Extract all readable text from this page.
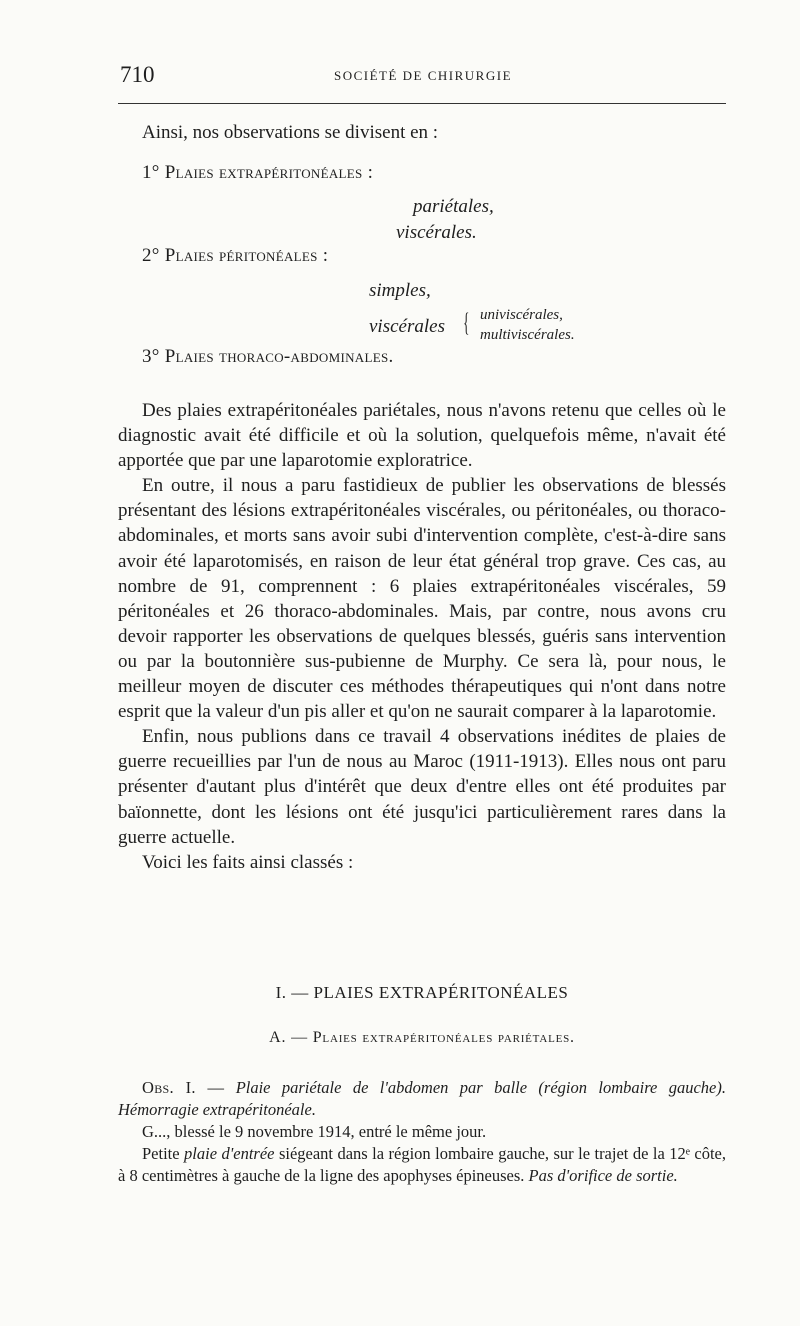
710	SOCIÉTÉ DE CHIRURGIE
Ainsi, nos observations se divisent en :
1° Plaies extrapéritonéales :
pariétales,
viscérales.
2° Plaies péritonéales :
simples,
viscérales { univiscérales,
multiviscérales.
3° Plaies thoraco-abdominales.

Des plaies extrapéritonéales pariétales, nous n'avons retenu que celles où le diagnostic avait été difficile et où la solution, quelquefois même, n'avait été apportée que par une laparotomie exploratrice.

En outre, il nous a paru fastidieux de publier les observations de blessés présentant des lésions extrapéritonéales viscérales, ou péritonéales, ou thoraco-abdominales, et morts sans avoir subi d'intervention complète, c'est-à-dire sans avoir été laparotomisés, en raison de leur état général trop grave. Ces cas, au nombre de 91, comprennent : 6 plaies extrapéritonéales viscérales, 59 péritonéales et 26 thoraco-abdominales. Mais, par contre, nous avons cru devoir rapporter les observations de quelques blessés, guéris sans intervention ou par la boutonnière sus-pubienne de Murphy. Ce sera là, pour nous, le meilleur moyen de discuter ces méthodes thérapeutiques qui n'ont dans notre esprit que la valeur d'un pis aller et qu'on ne saurait comparer à la laparotomie.

Enfin, nous publions dans ce travail 4 observations inédites de plaies de guerre recueillies par l'un de nous au Maroc (1911-1913). Elles nous ont paru présenter d'autant plus d'intérêt que deux d'entre elles ont été produites par baïonnette, dont les lésions ont été jusqu'ici particulièrement rares dans la guerre actuelle.

Voici les faits ainsi classés :

I. — PLAIES EXTRAPÉRITONÉALES
A. — Plaies extrapéritonéales pariétales.

Obs. I. — Plaie pariétale de l'abdomen par balle (région lombaire gauche). Hémorragie extrapéritonéale.

G..., blessé le 9 novembre 1914, entré le même jour.

Petite plaie d'entrée siégeant dans la région lombaire gauche, sur le trajet de la 12ᵉ côte, à 8 centimètres à gauche de la ligne des apophyses épineuses. Pas d'orifice de sortie.
